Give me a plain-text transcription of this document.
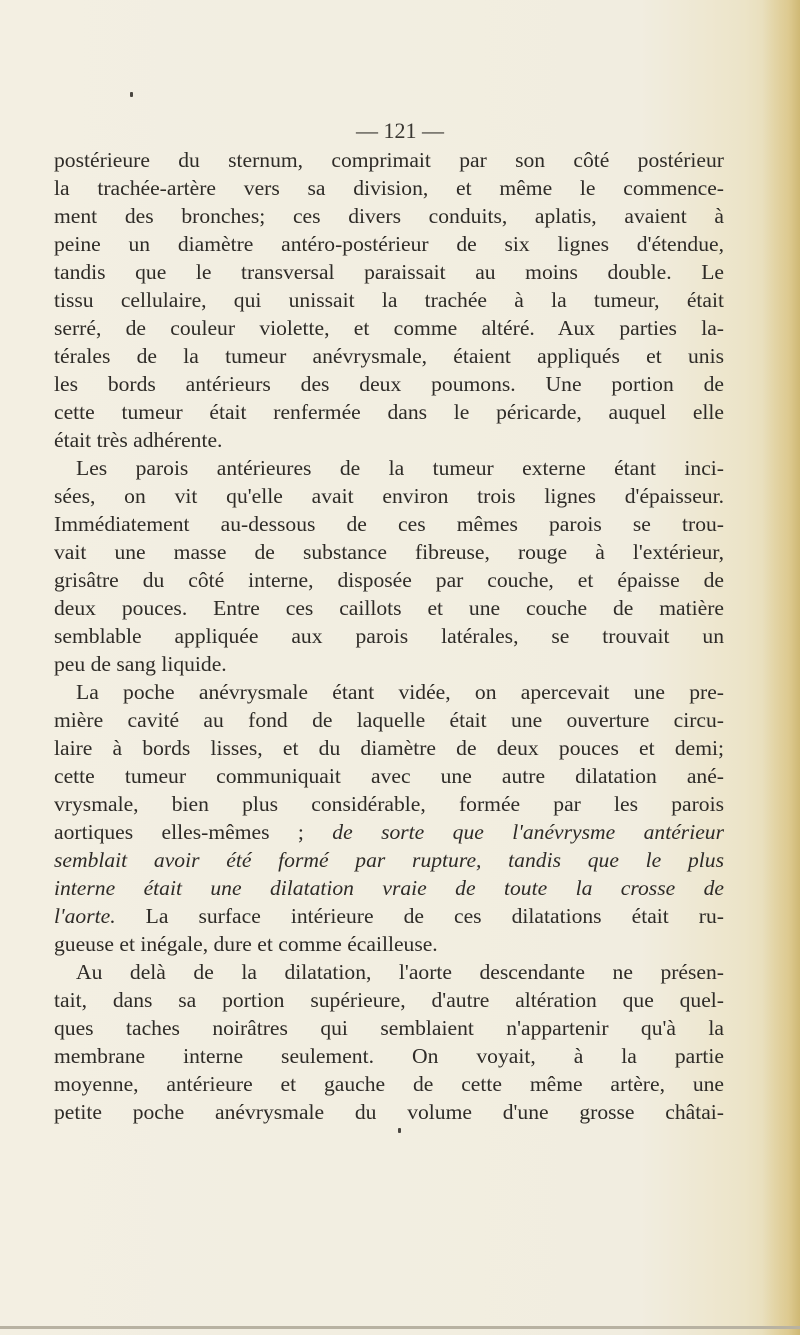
— 121 —
postérieure du sternum, comprimait par son côté postérieur
la trachée-artère vers sa division, et même le commence-
ment des bronches; ces divers conduits, aplatis, avaient à
peine un diamètre antéro-postérieur de six lignes d'étendue,
tandis que le transversal paraissait au moins double. Le
tissu cellulaire, qui unissait la trachée à la tumeur, était
serré, de couleur violette, et comme altéré. Aux parties la-
térales de la tumeur anévrysmale, étaient appliqués et unis
les bords antérieurs des deux poumons. Une portion de
cette tumeur était renfermée dans le péricarde, auquel elle
était très adhérente.
Les parois antérieures de la tumeur externe étant inci-
sées, on vit qu'elle avait environ trois lignes d'épaisseur.
Immédiatement au-dessous de ces mêmes parois se trou-
vait une masse de substance fibreuse, rouge à l'extérieur,
grisâtre du côté interne, disposée par couche, et épaisse de
deux pouces. Entre ces caillots et une couche de matière
semblable appliquée aux parois latérales, se trouvait un
peu de sang liquide.
La poche anévrysmale étant vidée, on apercevait une pre-
mière cavité au fond de laquelle était une ouverture circu-
laire à bords lisses, et du diamètre de deux pouces et demi;
cette tumeur communiquait avec une autre dilatation ané-
vrysmale, bien plus considérable, formée par les parois
aortiques elles-mêmes ; de sorte que l'anévrysme antérieur
semblait avoir été formé par rupture, tandis que le plus
interne était une dilatation vraie de toute la crosse de
l'aorte. La surface intérieure de ces dilatations était ru-
gueuse et inégale, dure et comme écailleuse.
Au delà de la dilatation, l'aorte descendante ne présen-
tait, dans sa portion supérieure, d'autre altération que quel-
ques taches noirâtres qui semblaient n'appartenir qu'à la
membrane interne seulement. On voyait, à la partie
moyenne, antérieure et gauche de cette même artère, une
petite poche anévrysmale du volume d'une grosse châtai-
